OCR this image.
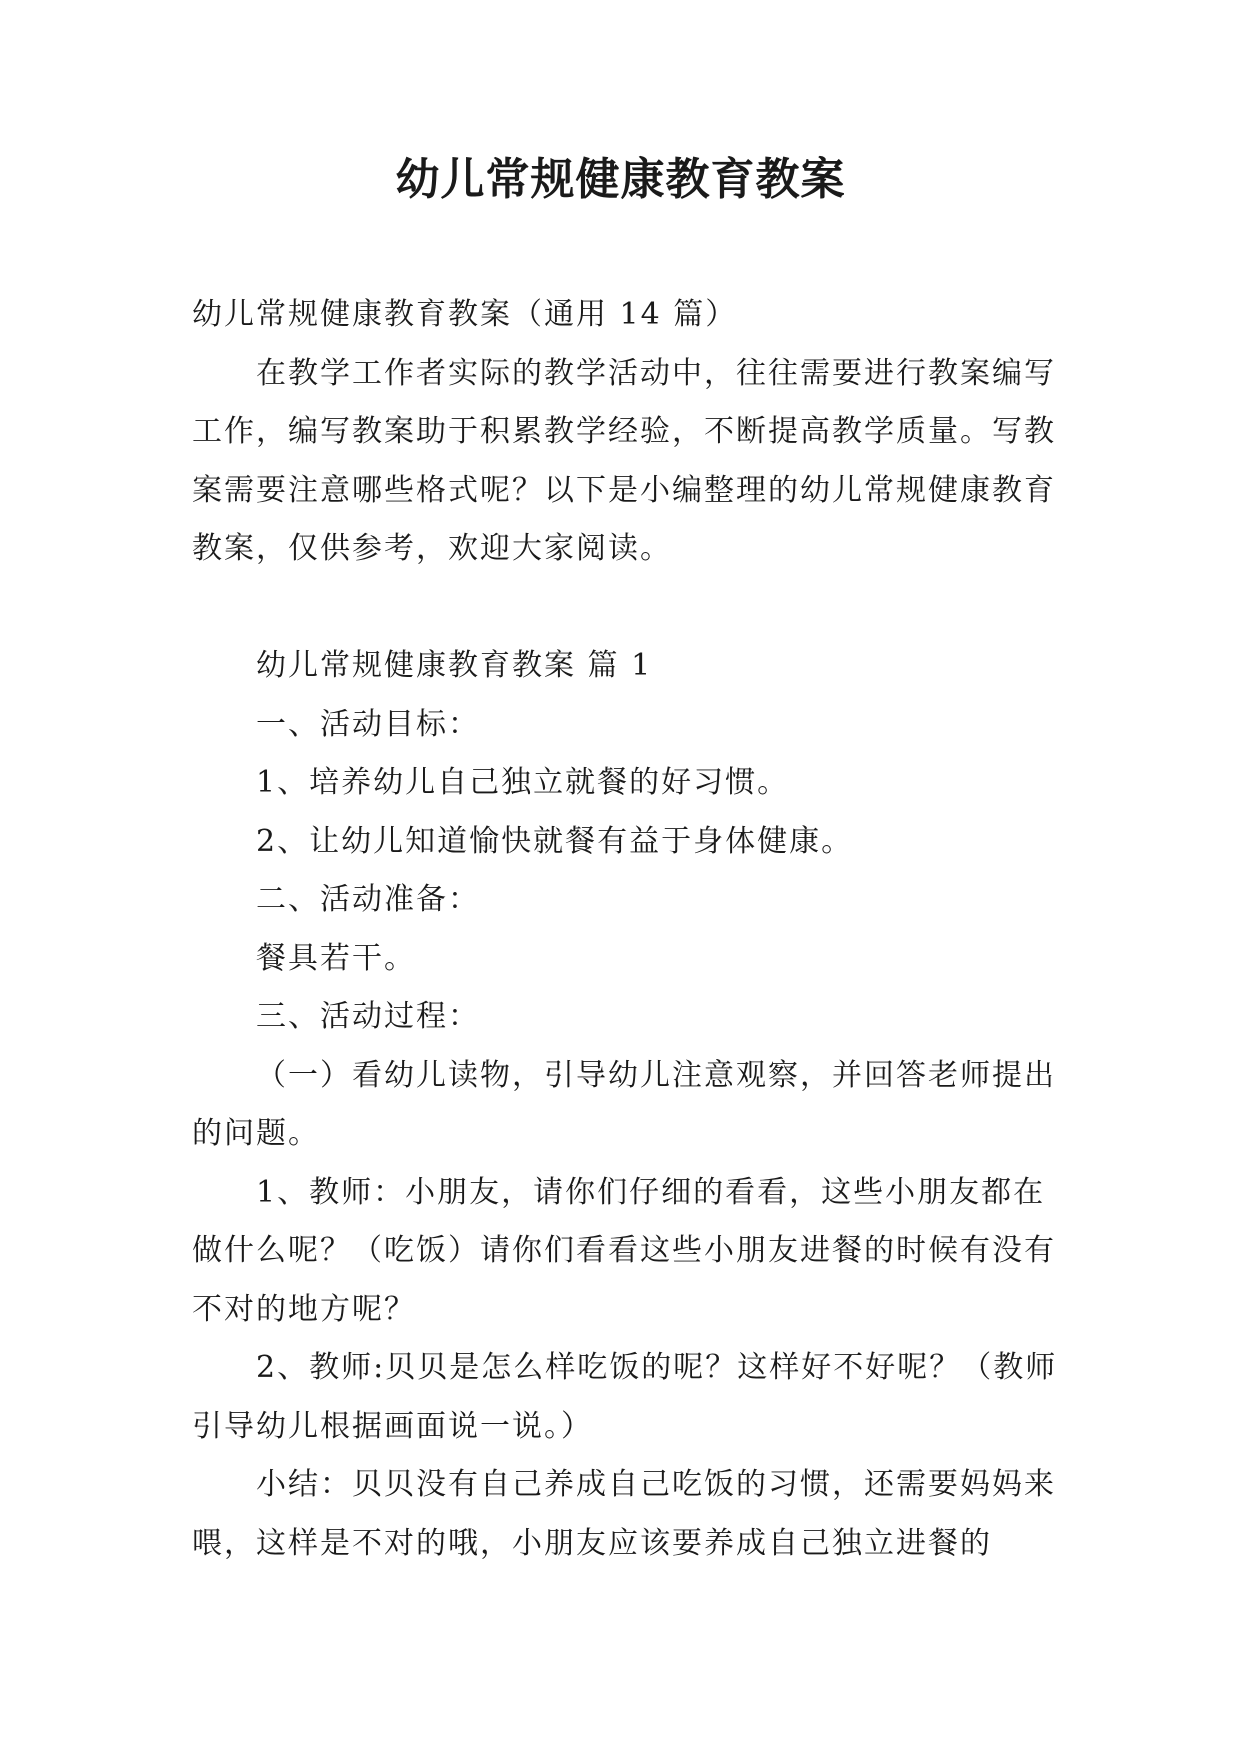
幼儿常规健康教育教案

幼儿常规健康教育教案（通用 14 篇）

在教学工作者实际的教学活动中，往往需要进行教案编写工作，编写教案助于积累教学经验，不断提高教学质量。写教案需要注意哪些格式呢？以下是小编整理的幼儿常规健康教育教案，仅供参考，欢迎大家阅读。

幼儿常规健康教育教案 篇 1

一、活动目标：

1、培养幼儿自己独立就餐的好习惯。

2、让幼儿知道愉快就餐有益于身体健康。

二、活动准备：

餐具若干。

三、活动过程：

（一）看幼儿读物，引导幼儿注意观察，并回答老师提出的问题。

1、教师：小朋友，请你们仔细的看看，这些小朋友都在做什么呢？（吃饭）请你们看看这些小朋友进餐的时候有没有不对的地方呢？

2、教师:贝贝是怎么样吃饭的呢？这样好不好呢？（教师引导幼儿根据画面说一说。）

小结：贝贝没有自己养成自己吃饭的习惯，还需要妈妈来喂，这样是不对的哦，小朋友应该要养成自己独立进餐的
